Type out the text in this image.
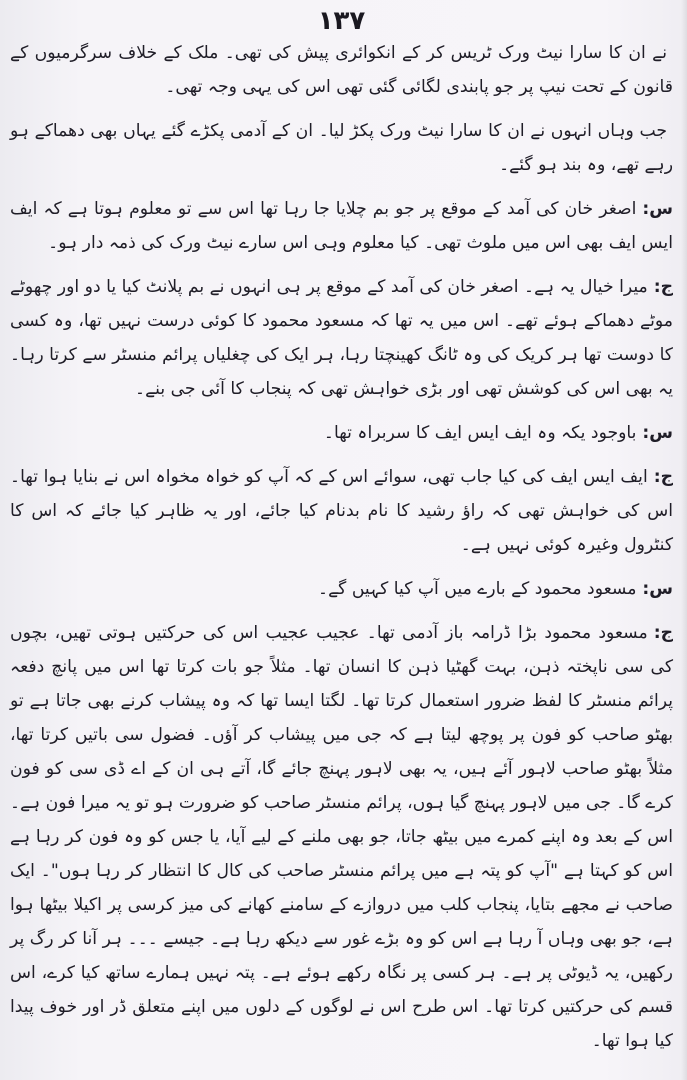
١٣٧

نے ان کا سارا نیٹ ورک ٹریس کر کے انکوائری پیش کی تھی۔ ملک کے خلاف سرگرمیوں کے قانون کے تحت نیپ پر جو پابندی لگائی گئی تھی اس کی یہی وجہ تھی۔

جب وہاں انہوں نے ان کا سارا نیٹ ورک پکڑ لیا۔ ان کے آدمی پکڑے گئے یہاں بھی دھماکے ہو رہے تھے، وہ بند ہو گئے۔

س:اصغر خان کی آمد کے موقع پر جو بم چلایا جا رہا تھا اس سے تو معلوم ہوتا ہے کہ ایف ایس ایف بھی اس میں ملوث تھی۔ کیا معلوم وہی اس سارے نیٹ ورک کی ذمہ دار ہو۔

ج:میرا خیال یہ ہے۔ اصغر خان کی آمد کے موقع پر ہی انہوں نے بم پلانٹ کیا یا دو اور چھوٹے موٹے دھماکے ہوئے تھے۔ اس میں یہ تھا کہ مسعود محمود کا کوئی درست نہیں تھا، وہ کسی کا دوست تھا ہر کریک کی وہ ٹانگ کھینچتا رہا، ہر ایک کی چغلیاں پرائم منسٹر سے کرتا رہا۔ یہ بھی اس کی کوشش تھی اور بڑی خواہش تھی کہ پنجاب کا آئی جی بنے۔

س:باوجود یکہ وہ ایف ایس ایف کا سربراہ تھا۔

ج:ایف ایس ایف کی کیا جاب تھی، سوائے اس کے کہ آپ کو خواہ مخواہ اس نے بنایا ہوا تھا۔ اس کی خواہش تھی کہ راؤ رشید کا نام بدنام کیا جائے، اور یہ ظاہر کیا جائے کہ اس کا کنٹرول وغیرہ کوئی نہیں ہے۔

س:مسعود محمود کے بارے میں آپ کیا کہیں گے۔

ج:مسعود محمود بڑا ڈرامہ باز آدمی تھا۔ عجیب عجیب اس کی حرکتیں ہوتی تھیں، بچوں کی سی ناپختہ ذہن، بہت گھٹیا ذہن کا انسان تھا۔ مثلاً جو بات کرتا تھا اس میں پانچ دفعہ پرائم منسٹر کا لفظ ضرور استعمال کرتا تھا۔ لگتا ایسا تھا کہ وہ پیشاب کرنے بھی جاتا ہے تو بھٹو صاحب کو فون پر پوچھ لیتا ہے کہ جی میں پیشاب کر آؤں۔ فضول سی باتیں کرتا تھا، مثلاً بھٹو صاحب لاہور آئے ہیں، یہ بھی لاہور پہنچ جائے گا، آتے ہی ان کے اے ڈی سی کو فون کرے گا۔ جی میں لاہور پہنچ گیا ہوں، پرائم منسٹر صاحب کو ضرورت ہو تو یہ میرا فون ہے۔ اس کے بعد وہ اپنے کمرے میں بیٹھ جاتا، جو بھی ملنے کے لیے آیا، یا جس کو وہ فون کر رہا ہے اس کو کہتا ہے "آپ کو پتہ ہے میں پرائم منسٹر صاحب کی کال کا انتظار کر رہا ہوں"۔ ایک صاحب نے مجھے بتایا، پنجاب کلب میں دروازے کے سامنے کھانے کی میز کرسی پر اکیلا بیٹھا ہوا ہے، جو بھی وہاں آ رہا ہے اس کو وہ بڑے غور سے دیکھ رہا ہے۔ جیسے ۔۔۔ ہر آنا کر رگ پر رکھیں، یہ ڈیوٹی پر ہے۔ ہر کسی پر نگاہ رکھے ہوئے ہے۔ پتہ نہیں ہمارے ساتھ کیا کرے، اس قسم کی حرکتیں کرتا تھا۔ اس طرح اس نے لوگوں کے دلوں میں اپنے متعلق ڈر اور خوف پیدا کیا ہوا تھا۔
